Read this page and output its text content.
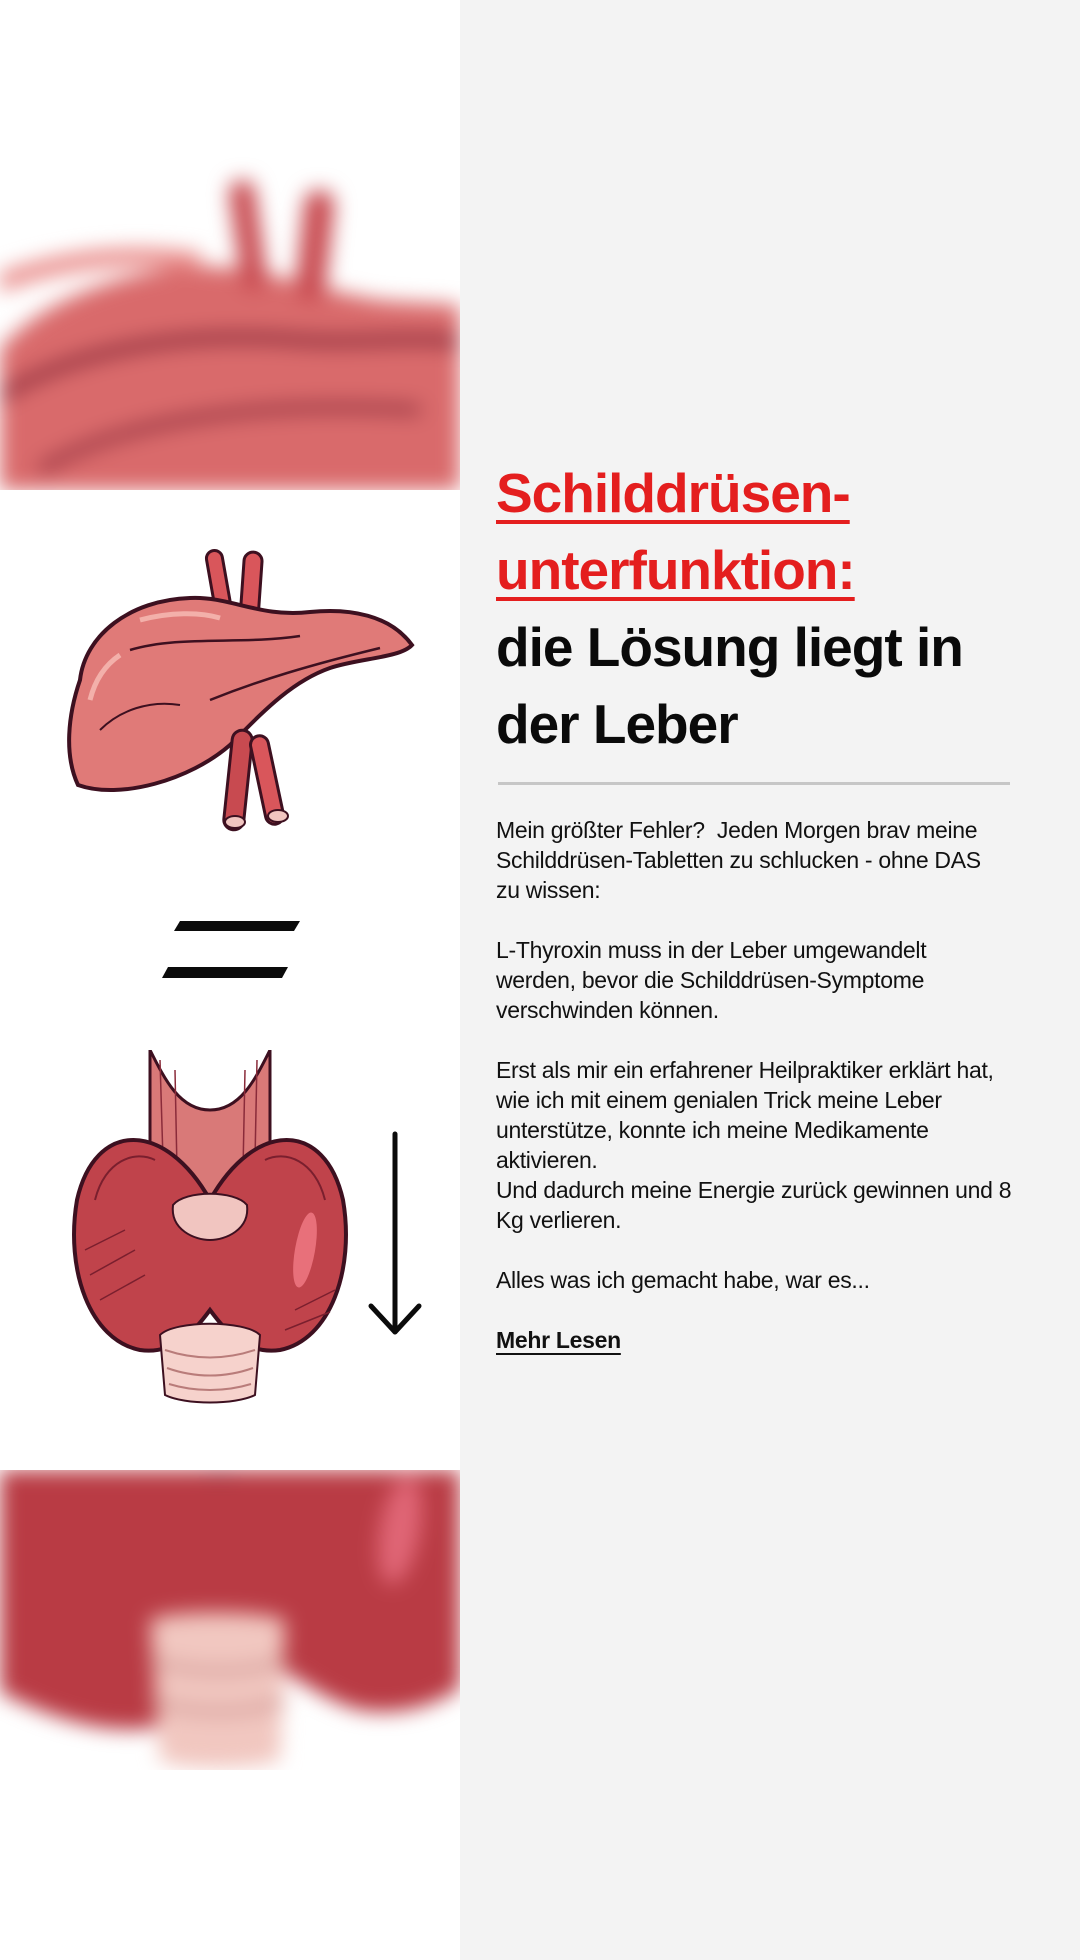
Schilddrüsen-
unterfunktion:
die Lösung liegt in
der Leber

Mein größter Fehler?  Jeden Morgen brav meine
Schilddrüsen-Tabletten zu schlucken - ohne DAS
zu wissen:

L-Thyroxin muss in der Leber umgewandelt
werden, bevor die Schilddrüsen-Symptome
verschwinden können.

Erst als mir ein erfahrener Heilpraktiker erklärt hat,
wie ich mit einem genialen Trick meine Leber
unterstütze, konnte ich meine Medikamente
aktivieren.
Und dadurch meine Energie zurück gewinnen und 8
Kg verlieren.

Alles was ich gemacht habe, war es...

Mehr Lesen
